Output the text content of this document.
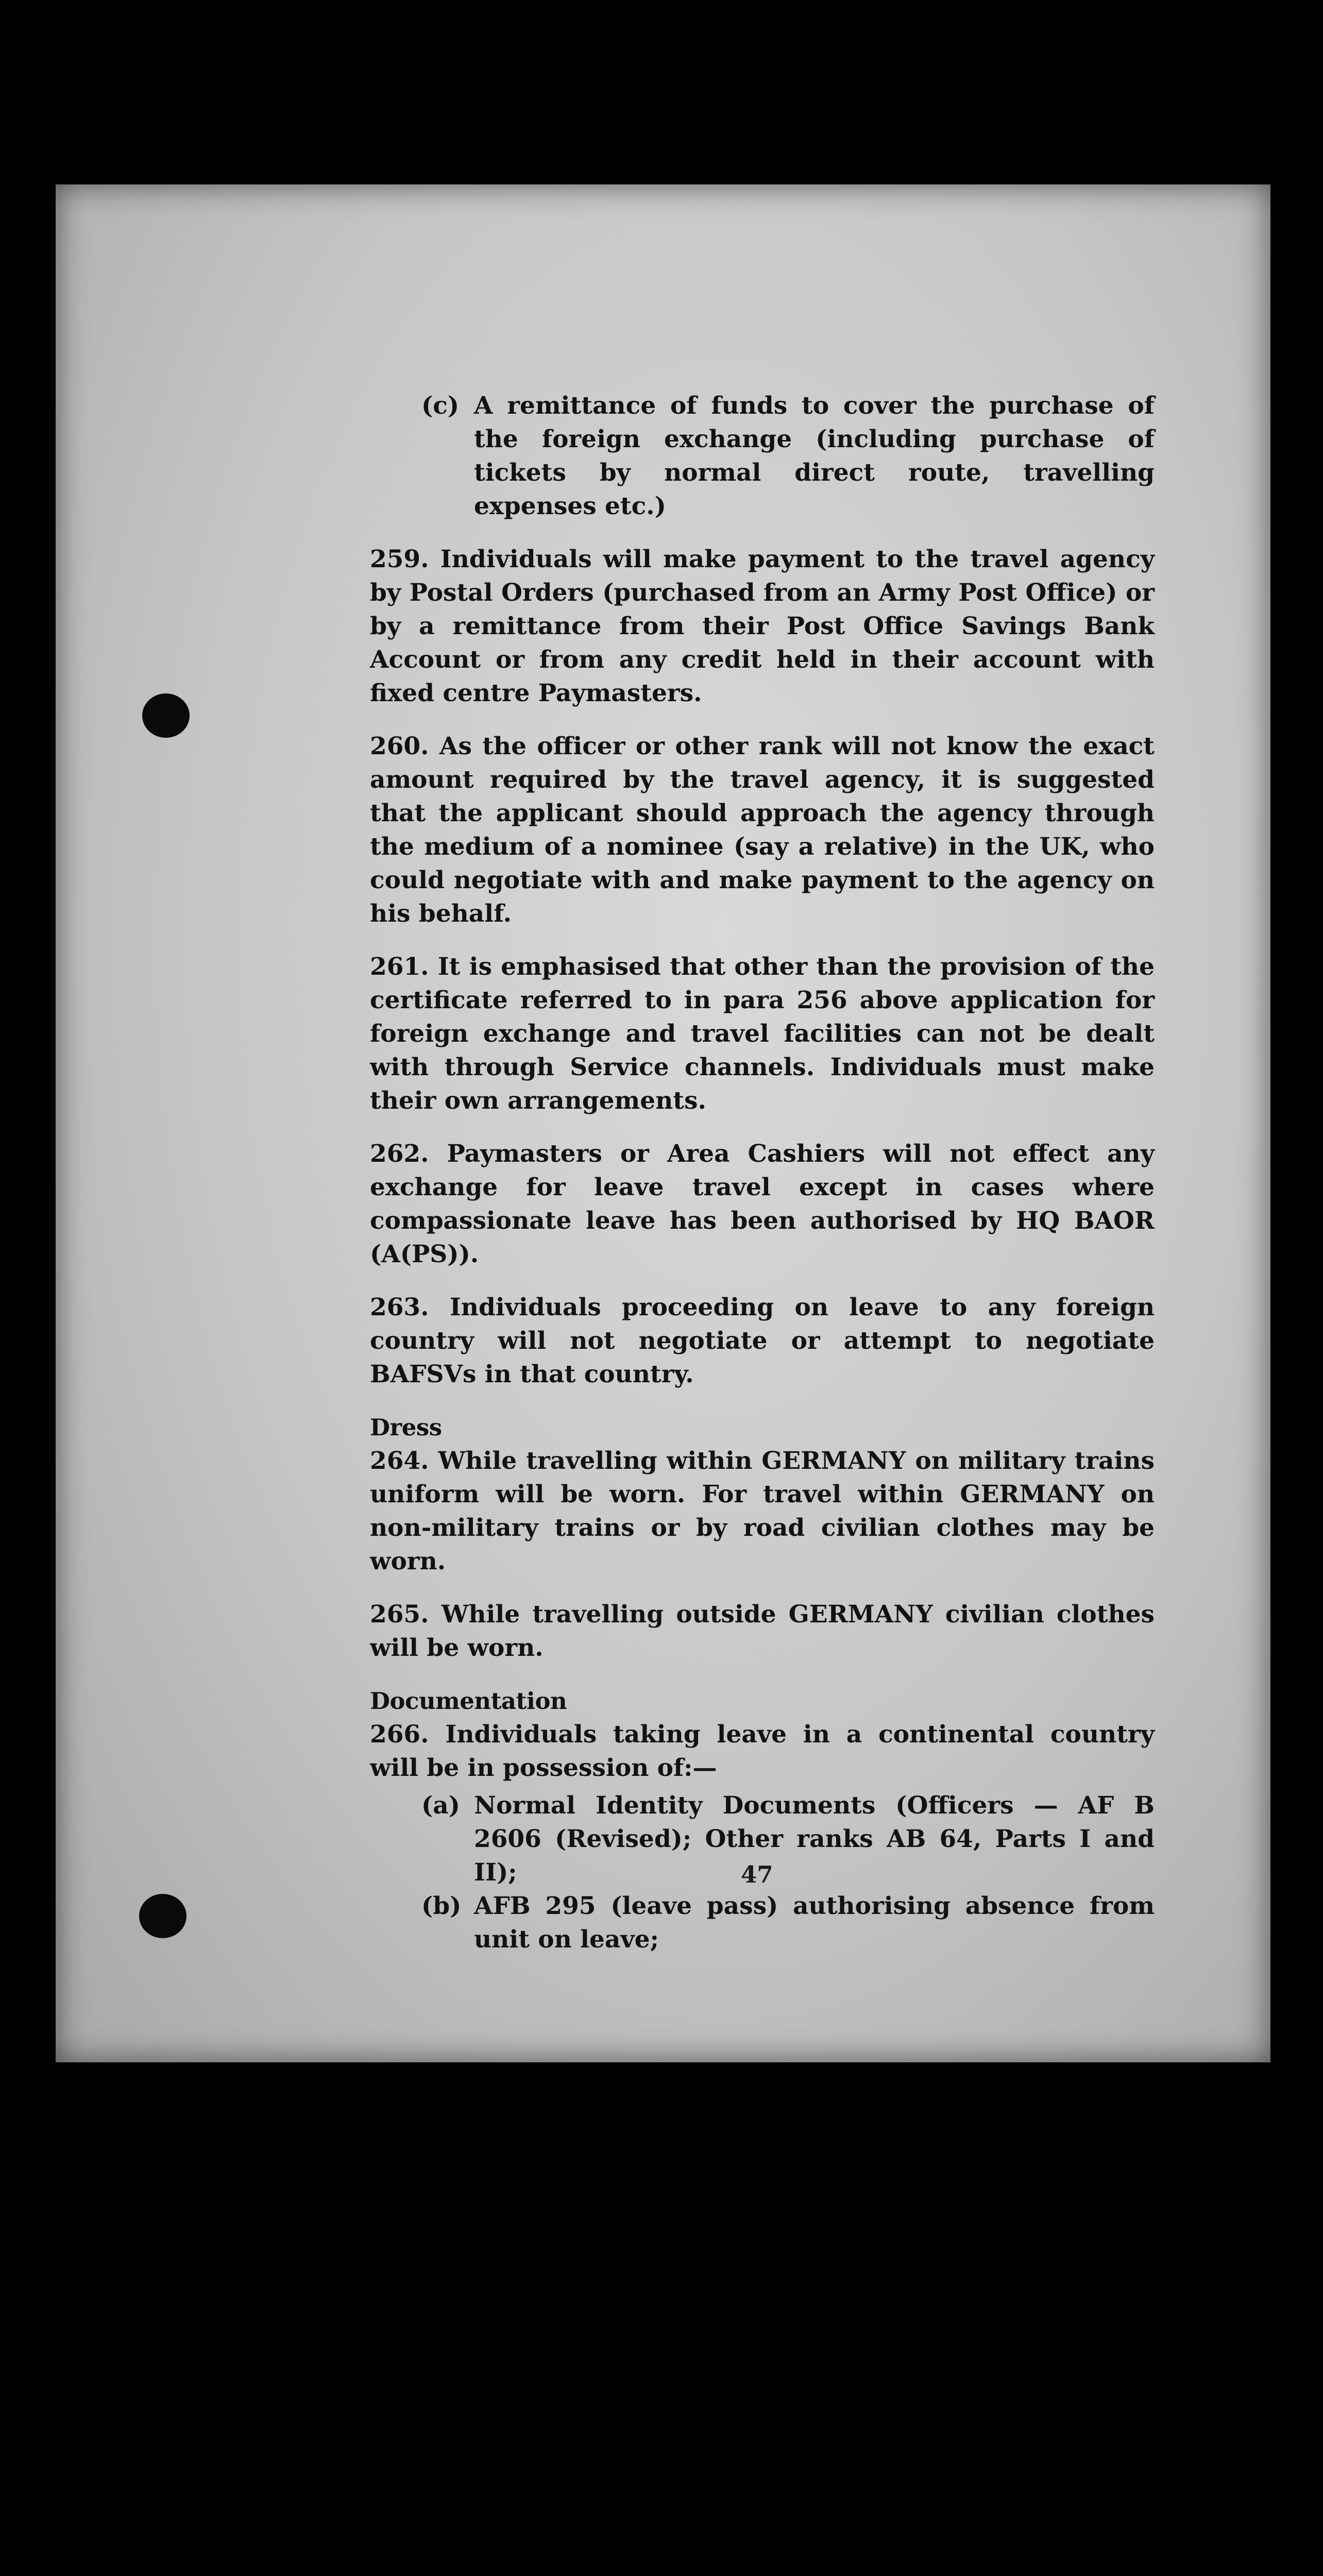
(c) A remittance of funds to cover the purchase of the foreign exchange (including purchase of tickets by normal direct route, travelling expenses etc.)

259. Individuals will make payment to the travel agency by Postal Orders (purchased from an Army Post Office) or by a remittance from their Post Office Savings Bank Account or from any credit held in their account with fixed centre Paymasters.

260. As the officer or other rank will not know the exact amount required by the travel agency, it is suggested that the applicant should approach the agency through the medium of a nominee (say a relative) in the UK, who could negotiate with and make payment to the agency on his behalf.

261. It is emphasised that other than the provision of the certificate referred to in para 256 above application for foreign exchange and travel facilities can not be dealt with through Service channels. Individuals must make their own arrangements.

262. Paymasters or Area Cashiers will not effect any exchange for leave travel except in cases where compassionate leave has been authorised by HQ BAOR (A(PS)).

263. Individuals proceeding on leave to any foreign country will not negotiate or attempt to negotiate BAFSVs in that country.

Dress

264. While travelling within GERMANY on military trains uniform will be worn. For travel within GERMANY on non-military trains or by road civilian clothes may be worn.

265. While travelling outside GERMANY civilian clothes will be worn.

Documentation

266. Individuals taking leave in a continental country will be in possession of:—

(a) Normal Identity Documents (Officers — AF B 2606 (Revised); Other ranks AB 64, Parts I and II);
(b) AFB 295 (leave pass) authorising absence from unit on leave;
47
